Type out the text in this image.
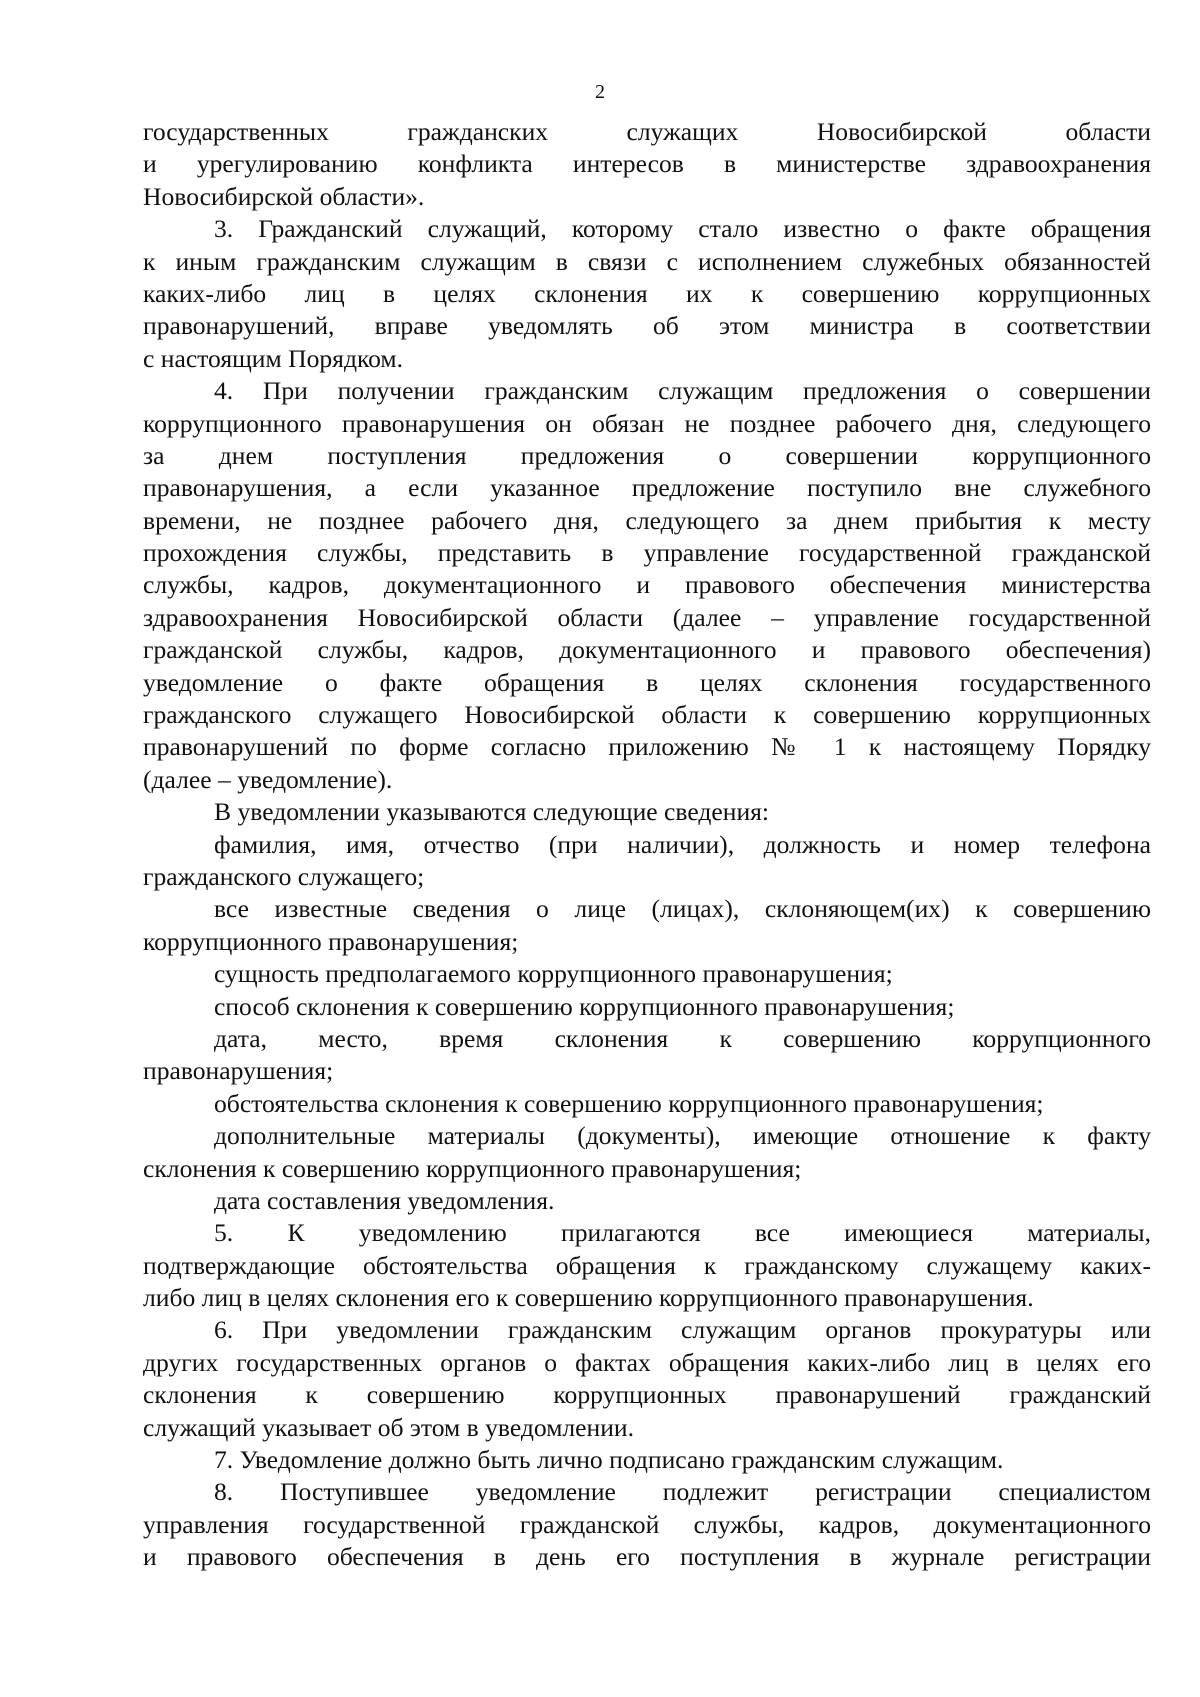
2
государственных гражданских служащих Новосибирской области
и урегулированию конфликта интересов в министерстве здравоохранения
Новосибирской области».
3. Гражданский служащий, которому стало известно о факте обращения
к иным гражданским служащим в связи с исполнением служебных обязанностей
каких-либо лиц в целях склонения их к совершению коррупционных
правонарушений, вправе уведомлять об этом министра в соответствии
с настоящим Порядком.
4. При получении гражданским служащим предложения о совершении
коррупционного правонарушения он обязан не позднее рабочего дня, следующего
за днем поступления предложения о совершении коррупционного
правонарушения, а если указанное предложение поступило вне служебного
времени, не позднее рабочего дня, следующего за днем прибытия к месту
прохождения службы, представить в управление государственной гражданской
службы, кадров, документационного и правового обеспечения министерства
здравоохранения Новосибирской области (далее – управление государственной
гражданской службы, кадров, документационного и правового обеспечения)
уведомление о факте обращения в целях склонения государственного
гражданского служащего Новосибирской области к совершению коррупционных
правонарушений по форме согласно приложению № 1 к настоящему Порядку
(далее – уведомление).
В уведомлении указываются следующие сведения:
фамилия, имя, отчество (при наличии), должность и номер телефона
гражданского служащего;
все известные сведения о лице (лицах), склоняющем(их) к совершению
коррупционного правонарушения;
сущность предполагаемого коррупционного правонарушения;
способ склонения к совершению коррупционного правонарушения;
дата, место, время склонения к совершению коррупционного
правонарушения;
обстоятельства склонения к совершению коррупционного правонарушения;
дополнительные материалы (документы), имеющие отношение к факту
склонения к совершению коррупционного правонарушения;
дата составления уведомления.
5. К уведомлению прилагаются все имеющиеся материалы,
подтверждающие обстоятельства обращения к гражданскому служащему каких-
либо лиц в целях склонения его к совершению коррупционного правонарушения.
6. При уведомлении гражданским служащим органов прокуратуры или
других государственных органов о фактах обращения каких-либо лиц в целях его
склонения к совершению коррупционных правонарушений гражданский
служащий указывает об этом в уведомлении.
7. Уведомление должно быть лично подписано гражданским служащим.
8. Поступившее уведомление подлежит регистрации специалистом
управления государственной гражданской службы, кадров, документационного
и правового обеспечения в день его поступления в журнале регистрации
